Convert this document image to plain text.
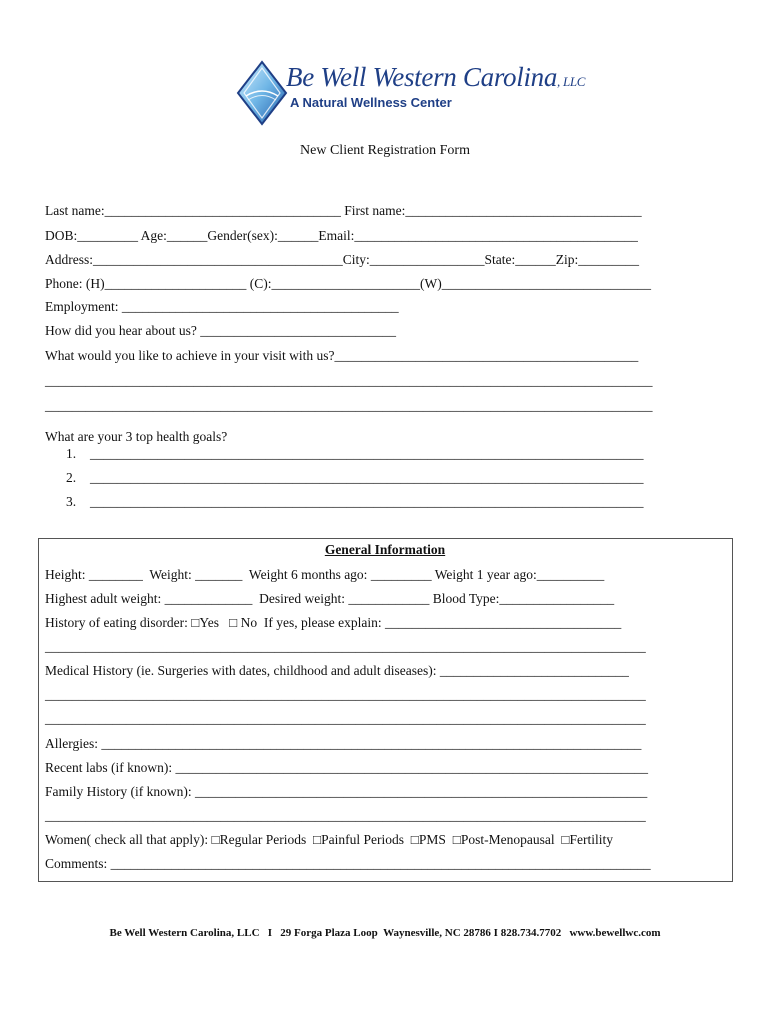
Be Well Western Carolina, LLC
A Natural Wellness Center
New Client Registration Form
Last name:___________________________________ First name:___________________________________
DOB:_________ Age:______Gender(sex):______Email:__________________________________________
Address:_____________________________________City:_________________State:______Zip:_________
Phone: (H)_____________________ (C):______________________(W)_______________________________
Employment: _________________________________________
How did you hear about us? _____________________________
What would you like to achieve in your visit with us?_____________________________________________
__________________________________________________________________________________________
__________________________________________________________________________________________
What are your 3 top health goals?
1. __________________________________________________________________________________
2. __________________________________________________________________________________
3. __________________________________________________________________________________
General Information
Height: ________  Weight: _______  Weight 6 months ago: _________ Weight 1 year ago:__________
Highest adult weight: _____________  Desired weight: ____________ Blood Type:_________________
History of eating disorder: □Yes   □ No  If yes, please explain: ___________________________________
_________________________________________________________________________________________
Medical History (ie. Surgeries with dates, childhood and adult diseases): ____________________________
_________________________________________________________________________________________
_________________________________________________________________________________________
Allergies: ________________________________________________________________________________
Recent labs (if known): ______________________________________________________________________
Family History (if known): ___________________________________________________________________
_________________________________________________________________________________________
Women( check all that apply): □Regular Periods  □Painful Periods  □PMS  □Post-Menopausal  □Fertility
Comments: ________________________________________________________________________________
Be Well Western Carolina, LLC   I   29 Forga Plaza Loop  Waynesville, NC 28786 I 828.734.7702   www.bewellwc.com
